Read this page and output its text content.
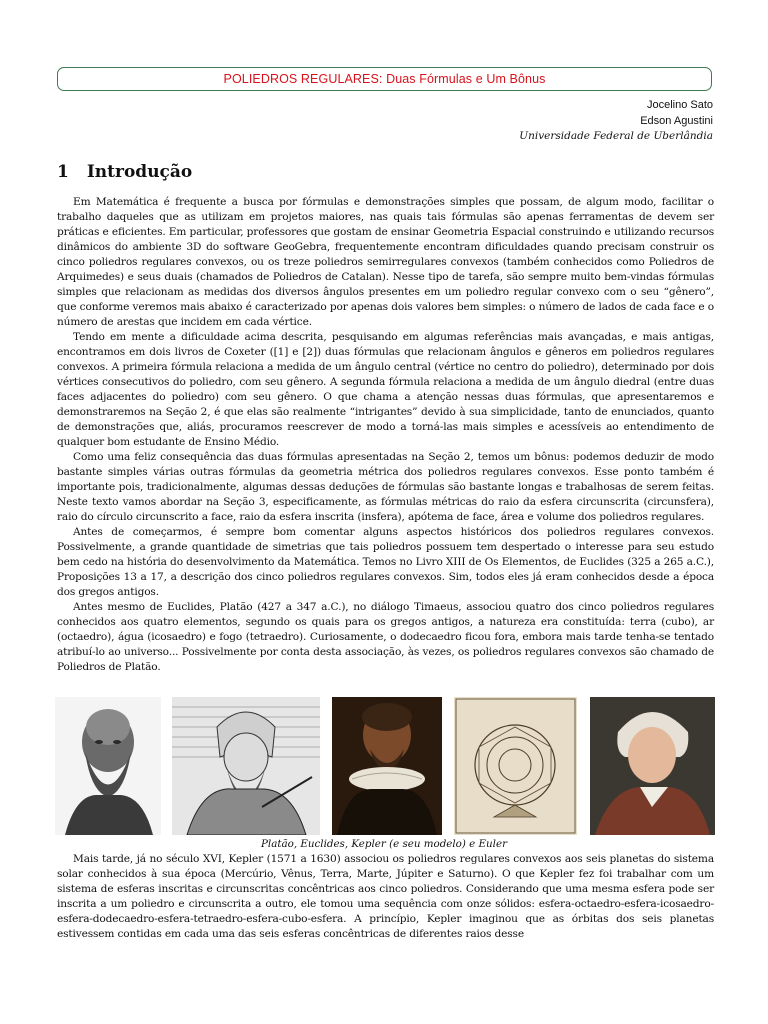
POLIEDROS REGULARES: Duas Fórmulas e Um Bônus
Jocelino Sato
Edson Agustini
Universidade Federal de Uberlândia
1 Introdução

Em Matemática é frequente a busca por fórmulas e demonstrações simples que possam, de algum modo, facilitar o trabalho daqueles que as utilizam em projetos maiores, nas quais tais fórmulas são apenas ferramentas de devem ser práticas e eficientes. Em particular, professores que gostam de ensinar Geometria Espacial construindo e utilizando recursos dinâmicos do ambiente 3D do software GeoGebra, frequentemente encontram dificuldades quando precisam construir os cinco poliedros regulares convexos, ou os treze poliedros semirregulares convexos (também conhecidos como Poliedros de Arquimedes) e seus duais (chamados de Poliedros de Catalan). Nesse tipo de tarefa, são sempre muito bem-vindas fórmulas simples que relacionam as medidas dos diversos ângulos presentes em um poliedro regular convexo com o seu “gênero”, que conforme veremos mais abaixo é caracterizado por apenas dois valores bem simples: o número de lados de cada face e o número de arestas que incidem em cada vértice.

Tendo em mente a dificuldade acima descrita, pesquisando em algumas referências mais avançadas, e mais antigas, encontramos em dois livros de Coxeter ([1] e [2]) duas fórmulas que relacionam ângulos e gêneros em poliedros regulares convexos. A primeira fórmula relaciona a medida de um ângulo central (vértice no centro do poliedro), determinado por dois vértices consecutivos do poliedro, com seu gênero. A segunda fórmula relaciona a medida de um ângulo diedral (entre duas faces adjacentes do poliedro) com seu gênero. O que chama a atenção nessas duas fórmulas, que apresentaremos e demonstraremos na Seção 2, é que elas são realmente “intrigantes” devido à sua simplicidade, tanto de enunciados, quanto de demonstrações que, aliás, procuramos reescrever de modo a torná-las mais simples e acessíveis ao entendimento de qualquer bom estudante de Ensino Médio.

Como uma feliz consequência das duas fórmulas apresentadas na Seção 2, temos um bônus: podemos deduzir de modo bastante simples várias outras fórmulas da geometria métrica dos poliedros regulares convexos. Esse ponto também é importante pois, tradicionalmente, algumas dessas deduções de fórmulas são bastante longas e trabalhosas de serem feitas. Neste texto vamos abordar na Seção 3, especificamente, as fórmulas métricas do raio da esfera circunscrita (circunsfera), raio do círculo circunscrito a face, raio da esfera inscrita (insfera), apótema de face, área e volume dos poliedros regulares.

Antes de começarmos, é sempre bom comentar alguns aspectos históricos dos poliedros regulares convexos. Possivelmente, a grande quantidade de simetrias que tais poliedros possuem tem despertado o interesse para seu estudo bem cedo na história do desenvolvimento da Matemática. Temos no Livro XIII de Os Elementos, de Euclides (325 a 265 a.C.), Proposições 13 a 17, a descrição dos cinco poliedros regulares convexos. Sim, todos eles já eram conhecidos desde a época dos gregos antigos.

Antes mesmo de Euclides, Platão (427 a 347 a.C.), no diálogo Timaeus, associou quatro dos cinco poliedros regulares conhecidos aos quatro elementos, segundo os quais para os gregos antigos, a natureza era constituída: terra (cubo), ar (octaedro), água (icosaedro) e fogo (tetraedro). Curiosamente, o dodecaedro ficou fora, embora mais tarde tenha-se tentado atribuí-lo ao universo... Possivelmente por conta desta associação, às vezes, os poliedros regulares convexos são chamado de Poliedros de Platão.

Platão, Euclides, Kepler (e seu modelo) e Euler

Mais tarde, já no século XVI, Kepler (1571 a 1630) associou os poliedros regulares convexos aos seis planetas do sistema solar conhecidos à sua época (Mercúrio, Vênus, Terra, Marte, Júpiter e Saturno). O que Kepler fez foi trabalhar com um sistema de esferas inscritas e circunscritas concêntricas aos cinco poliedros. Considerando que uma mesma esfera pode ser inscrita a um poliedro e circunscrita a outro, ele tomou uma sequência com onze sólidos: esfera-octaedro-esfera-icosaedro-esfera-dodecaedro-esfera-tetraedro-esfera-cubo-esfera. A princípio, Kepler imaginou que as órbitas dos seis planetas estivessem contidas em cada uma das seis esferas concêntricas de diferentes raios desse
